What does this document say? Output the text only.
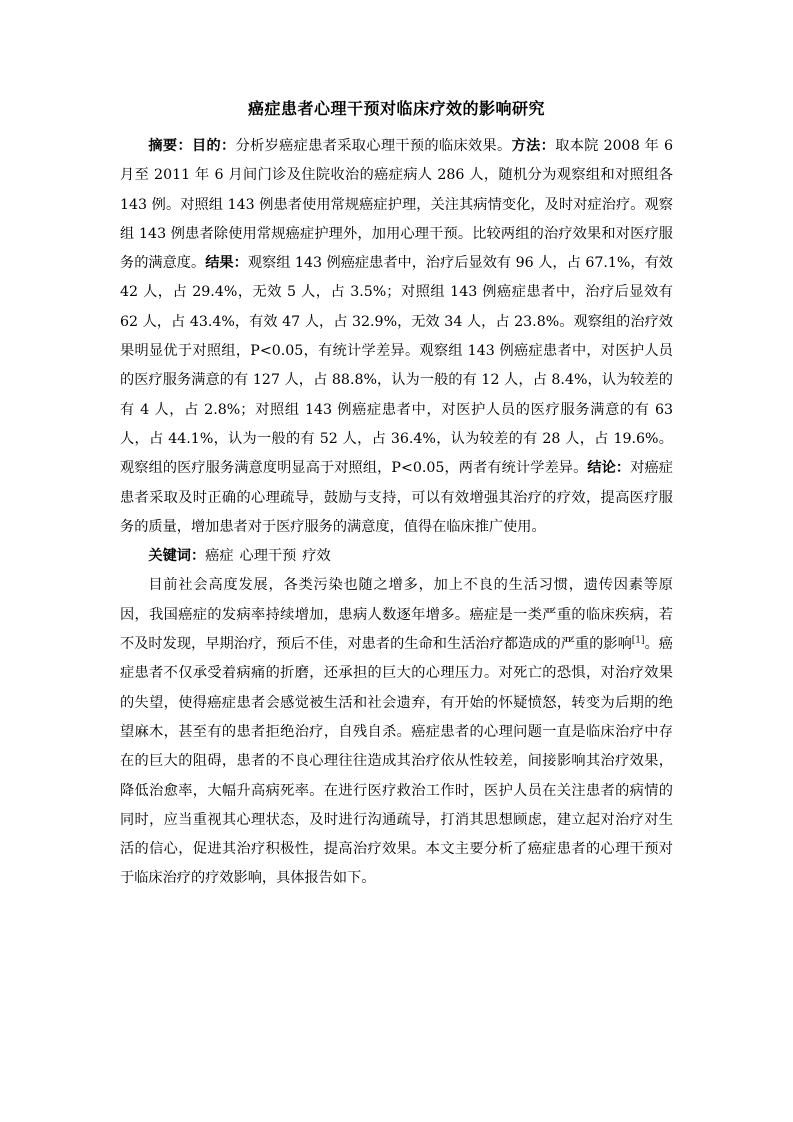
癌症患者心理干预对临床疗效的影响研究

摘要：目的：分析岁癌症患者采取心理干预的临床效果。方法：取本院 2008 年 6 月至 2011 年 6 月间门诊及住院收治的癌症病人 286 人，随机分为观察组和对照组各 143 例。对照组 143 例患者使用常规癌症护理，关注其病情变化，及时对症治疗。观察组 143 例患者除使用常规癌症护理外，加用心理干预。比较两组的治疗效果和对医疗服务的满意度。结果：观察组 143 例癌症患者中，治疗后显效有 96 人，占 67.1%，有效 42 人，占 29.4%，无效 5 人，占 3.5%；对照组 143 例癌症患者中，治疗后显效有 62 人，占 43.4%，有效 47 人，占 32.9%，无效 34 人，占 23.8%。观察组的治疗效果明显优于对照组，P<0.05，有统计学差异。观察组 143 例癌症患者中，对医护人员的医疗服务满意的有 127 人，占 88.8%，认为一般的有 12 人，占 8.4%，认为较差的有 4 人，占 2.8%；对照组 143 例癌症患者中，对医护人员的医疗服务满意的有 63 人，占 44.1%，认为一般的有 52 人，占 36.4%，认为较差的有 28 人，占 19.6%。观察组的医疗服务满意度明显高于对照组，P<0.05，两者有统计学差异。结论：对癌症患者采取及时正确的心理疏导，鼓励与支持，可以有效增强其治疗的疗效，提高医疗服务的质量，增加患者对于医疗服务的满意度，值得在临床推广使用。

关键词：癌症 心理干预 疗效

目前社会高度发展，各类污染也随之增多，加上不良的生活习惯，遗传因素等原因，我国癌症的发病率持续增加，患病人数逐年增多。癌症是一类严重的临床疾病，若不及时发现，早期治疗，预后不佳，对患者的生命和生活治疗都造成的严重的影响[1]。癌症患者不仅承受着病痛的折磨，还承担的巨大的心理压力。对死亡的恐惧，对治疗效果的失望，使得癌症患者会感觉被生活和社会遗弃，有开始的怀疑愤怒，转变为后期的绝望麻木，甚至有的患者拒绝治疗，自残自杀。癌症患者的心理问题一直是临床治疗中存在的巨大的阻碍，患者的不良心理往往造成其治疗依从性较差，间接影响其治疗效果，降低治愈率，大幅升高病死率。在进行医疗救治工作时，医护人员在关注患者的病情的同时，应当重视其心理状态，及时进行沟通疏导，打消其思想顾虑，建立起对治疗对生活的信心，促进其治疗积极性，提高治疗效果。本文主要分析了癌症患者的心理干预对于临床治疗的疗效影响，具体报告如下。
